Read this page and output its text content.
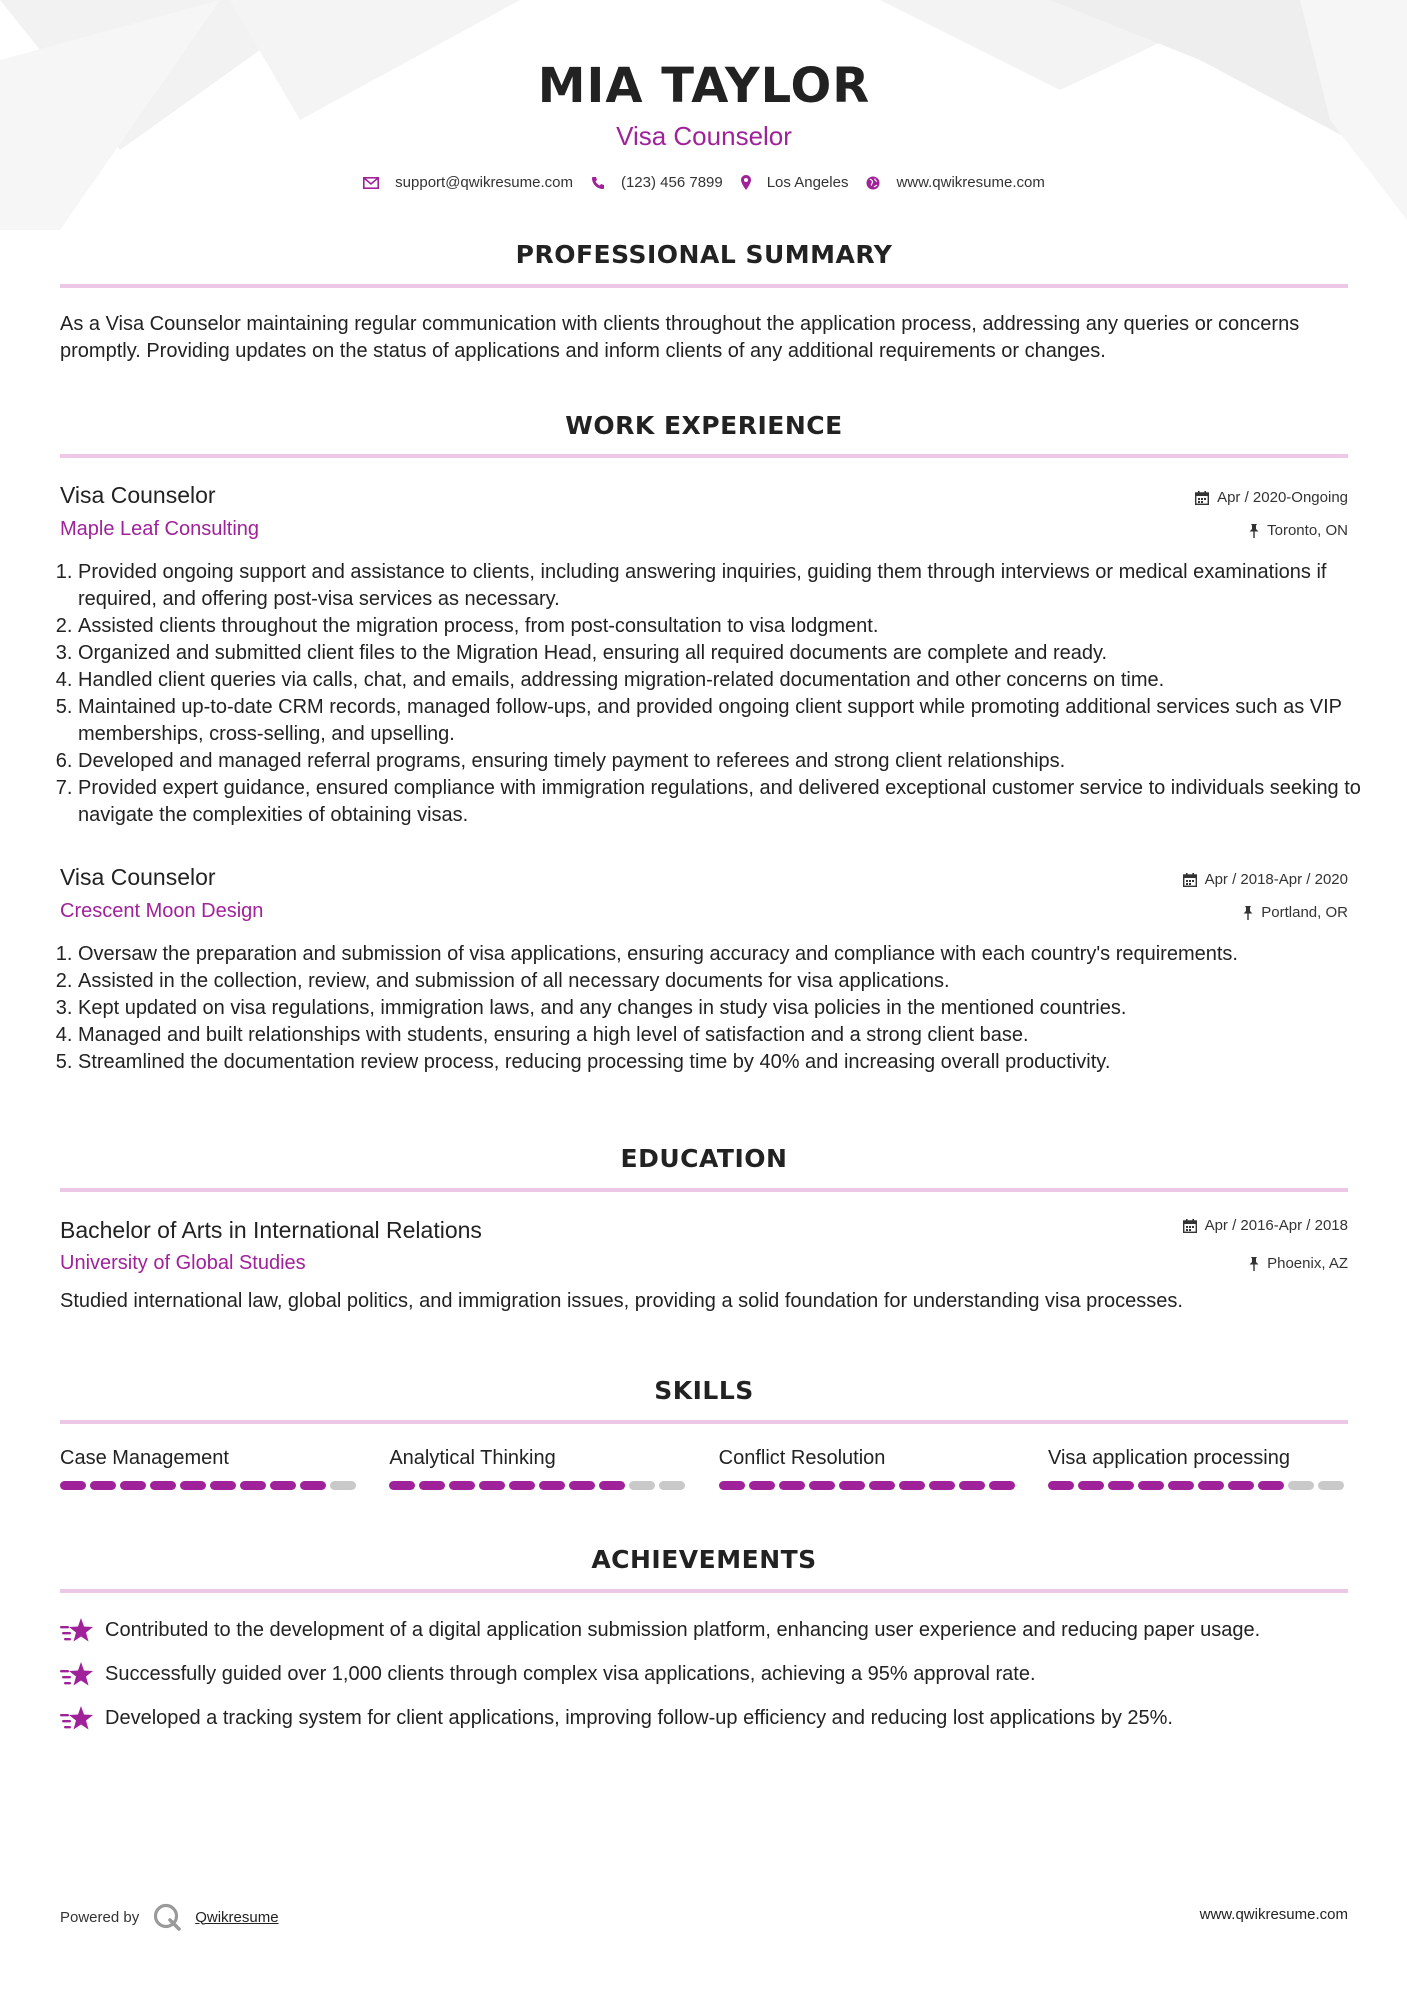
MIA TAYLOR
Visa Counselor
support@qwikresume.com	(123) 456 7899	Los Angeles	www.qwikresume.com
PROFESSIONAL SUMMARY
As a Visa Counselor maintaining regular communication with clients throughout the application process, addressing any queries or concerns promptly. Providing updates on the status of applications and inform clients of any additional requirements or changes.
WORK EXPERIENCE
Visa Counselor	Apr / 2020-Ongoing
Maple Leaf Consulting	Toronto, ON
1. Provided ongoing support and assistance to clients, including answering inquiries, guiding them through interviews or medical examinations if required, and offering post-visa services as necessary.
2. Assisted clients throughout the migration process, from post-consultation to visa lodgment.
3. Organized and submitted client files to the Migration Head, ensuring all required documents are complete and ready.
4. Handled client queries via calls, chat, and emails, addressing migration-related documentation and other concerns on time.
5. Maintained up-to-date CRM records, managed follow-ups, and provided ongoing client support while promoting additional services such as VIP memberships, cross-selling, and upselling.
6. Developed and managed referral programs, ensuring timely payment to referees and strong client relationships.
7. Provided expert guidance, ensured compliance with immigration regulations, and delivered exceptional customer service to individuals seeking to navigate the complexities of obtaining visas.
Visa Counselor	Apr / 2018-Apr / 2020
Crescent Moon Design	Portland, OR
1. Oversaw the preparation and submission of visa applications, ensuring accuracy and compliance with each country's requirements.
2. Assisted in the collection, review, and submission of all necessary documents for visa applications.
3. Kept updated on visa regulations, immigration laws, and any changes in study visa policies in the mentioned countries.
4. Managed and built relationships with students, ensuring a high level of satisfaction and a strong client base.
5. Streamlined the documentation review process, reducing processing time by 40% and increasing overall productivity.
EDUCATION
Bachelor of Arts in International Relations	Apr / 2016-Apr / 2018
University of Global Studies	Phoenix, AZ
Studied international law, global politics, and immigration issues, providing a solid foundation for understanding visa processes.
SKILLS
Case Management	Analytical Thinking	Conflict Resolution	Visa application processing
ACHIEVEMENTS
Contributed to the development of a digital application submission platform, enhancing user experience and reducing paper usage.
Successfully guided over 1,000 clients through complex visa applications, achieving a 95% approval rate.
Developed a tracking system for client applications, improving follow-up efficiency and reducing lost applications by 25%.
Powered by	Qwikresume	www.qwikresume.com
